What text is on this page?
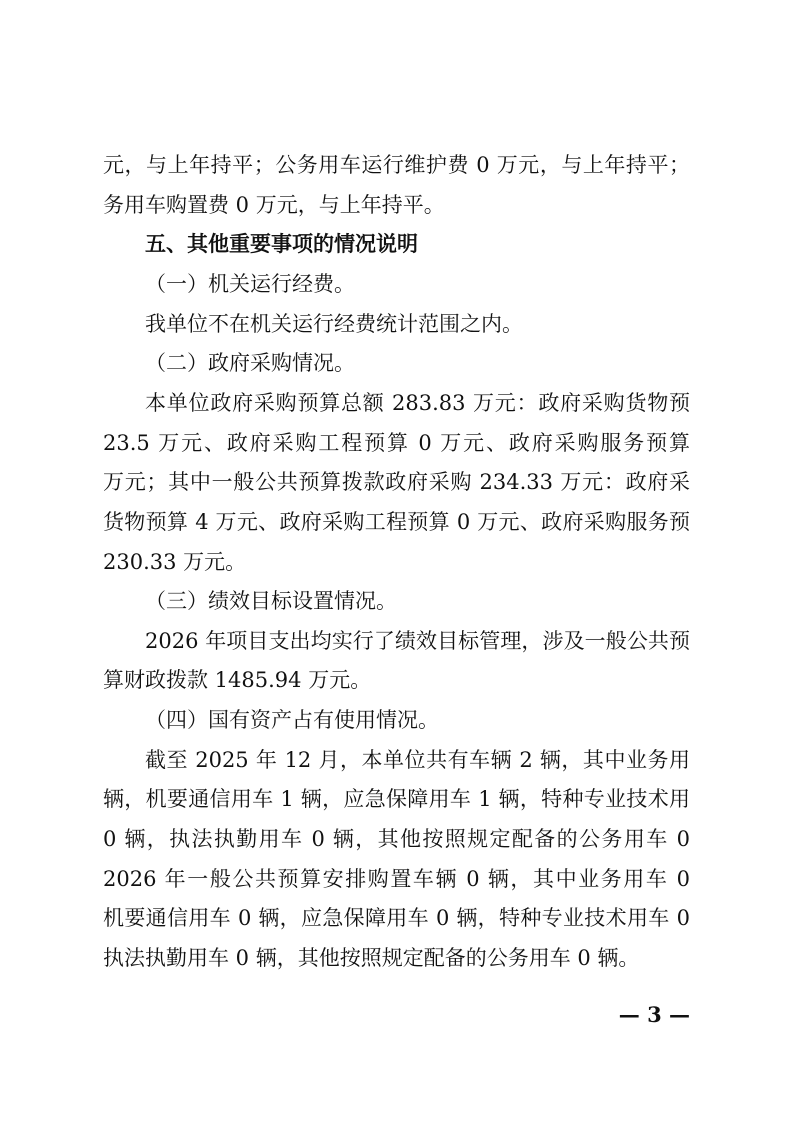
元，与上年持平；公务用车运行维护费 0 万元，与上年持平；
务用车购置费 0 万元，与上年持平。
五、其他重要事项的情况说明
（一）机关运行经费。
我单位不在机关运行经费统计范围之内。
（二）政府采购情况。
本单位政府采购预算总额 283.83 万元：政府采购货物预
23.5 万元、政府采购工程预算 0 万元、政府采购服务预算
万元；其中一般公共预算拨款政府采购 234.33 万元：政府采
货物预算 4 万元、政府采购工程预算 0 万元、政府采购服务预
230.33 万元。
（三）绩效目标设置情况。
2026 年项目支出均实行了绩效目标管理，涉及一般公共预
算财政拨款 1485.94 万元。
（四）国有资产占有使用情况。
截至 2025 年 12 月，本单位共有车辆 2 辆，其中业务用
辆，机要通信用车 1 辆，应急保障用车 1 辆，特种专业技术用
0 辆，执法执勤用车 0 辆，其他按照规定配备的公务用车 0
2026 年一般公共预算安排购置车辆 0 辆，其中业务用车 0
机要通信用车 0 辆，应急保障用车 0 辆，特种专业技术用车 0
执法执勤用车 0 辆，其他按照规定配备的公务用车 0 辆。
— 3 —
